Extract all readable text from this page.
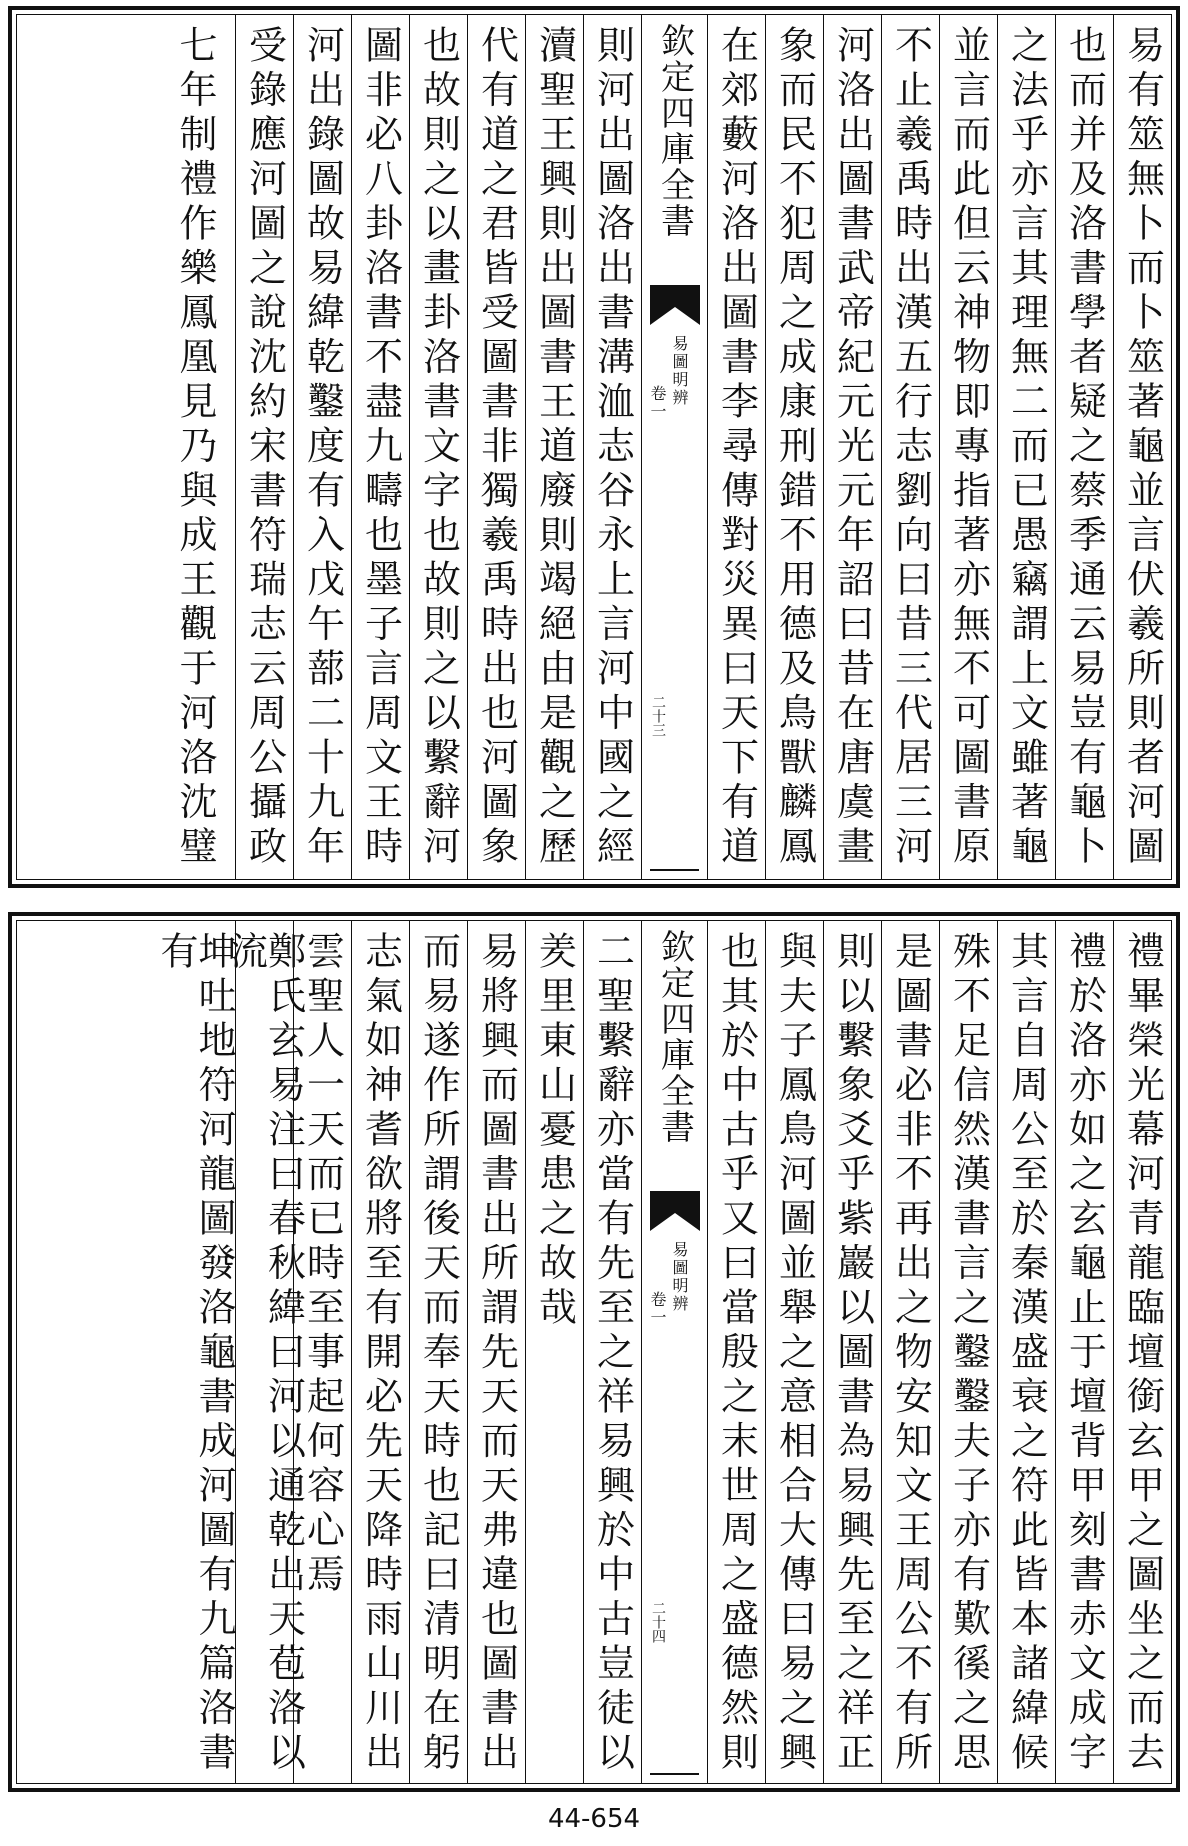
易有筮無卜而卜筮著龜並言伏羲所則者河圖
也而并及洛書學者疑之蔡季通云易豈有龜卜
之法乎亦言其理無二而已愚竊謂上文雖著龜
並言而此但云神物即專指著亦無不可圖書原
不止羲禹時出漢五行志劉向曰昔三代居三河
河洛出圖書武帝紀元光元年詔曰昔在唐虞畫
象而民不犯周之成康刑錯不用德及鳥獸麟鳳
在郊藪河洛出圖書李尋傳對災異曰天下有道
欽定四庫全書
易圖明辨
卷一
二十三
則河出圖洛出書溝洫志谷永上言河中國之經
瀆聖王興則出圖書王道廢則竭絕由是觀之歷
代有道之君皆受圖書非獨羲禹時出也河圖象
也故則之以畫卦洛書文字也故則之以繫辭河
圖非必八卦洛書不盡九疇也墨子言周文王時
河出錄圖故易緯乾鑿度有入戊午蔀二十九年
受錄應河圖之說沈約宋書符瑞志云周公攝政
七年制禮作樂鳳凰見乃與成王觀于河洛沈璧
禮畢榮光幕河青龍臨壇銜玄甲之圖坐之而去
禮於洛亦如之玄龜止于壇背甲刻書赤文成字
其言自周公至於秦漢盛衰之符此皆本諸緯候
殊不足信然漢書言之鑿鑿夫子亦有歎徯之思
是圖書必非不再出之物安知文王周公不有所
則以繫象爻乎紫巖以圖書為易興先至之祥正
與夫子鳳鳥河圖並舉之意相合大傳曰易之興
也其於中古乎又曰當殷之末世周之盛德然則
欽定四庫全書
易圖明辨
卷一
二十四
二聖繫辭亦當有先至之祥易興於中古豈徒以
羑里東山憂患之故哉
易將興而圖書出所謂先天而天弗違也圖書出
而易遂作所謂後天而奉天時也記曰清明在躬
志氣如神耆欲將至有開必先天降時雨山川出
雲聖人一天而已時至事起何容心焉
鄭氏玄易注曰春秋緯曰河以通乾出天苞洛以流
坤吐地符河龍圖發洛龜書成河圖有九篇洛書有
44-654
